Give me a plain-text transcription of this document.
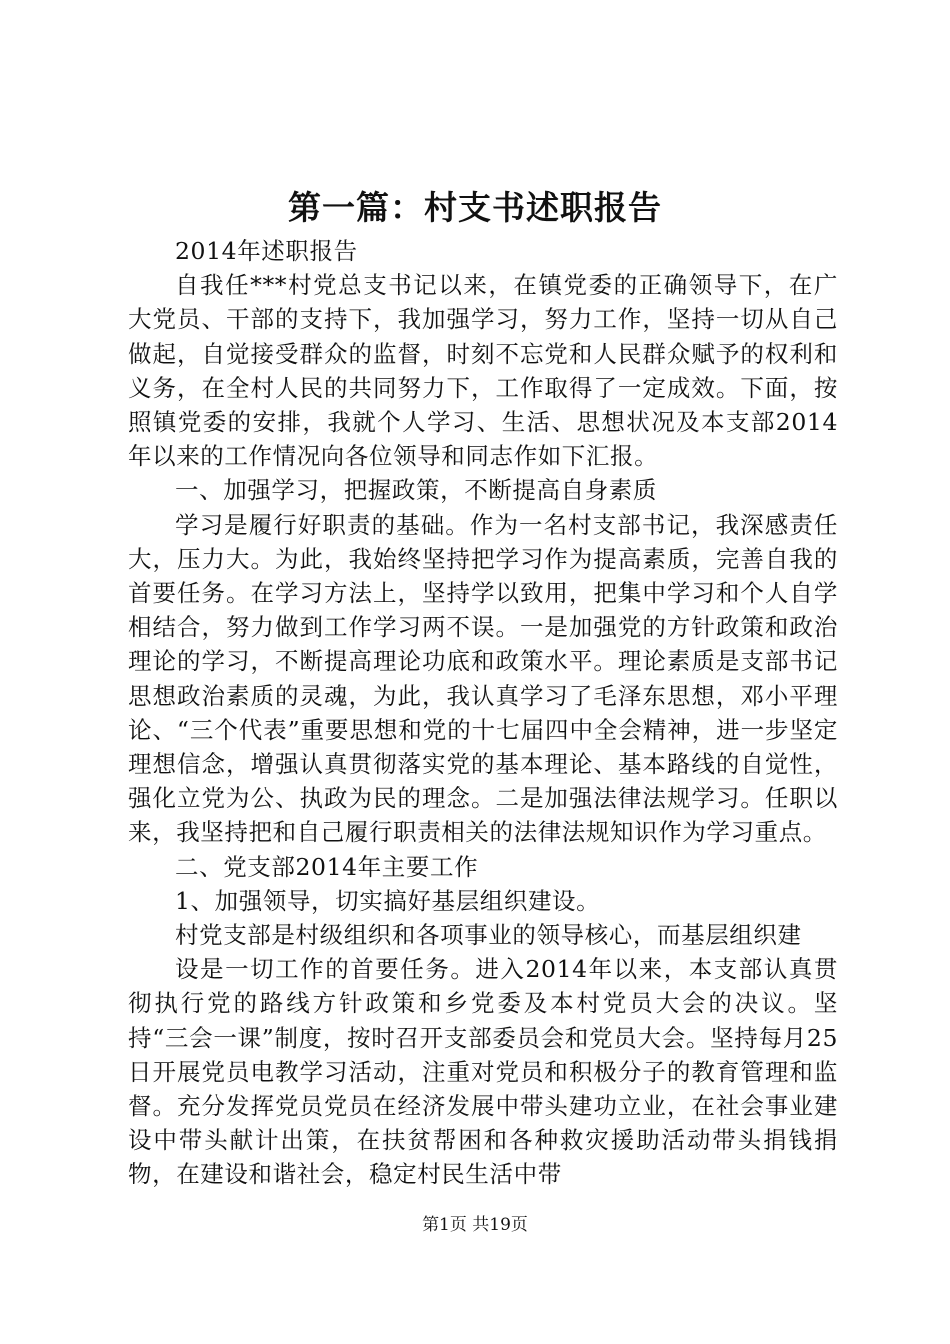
第一篇：村支书述职报告

2014年述职报告

自我任***村党总支书记以来，在镇党委的正确领导下，在广大党员、干部的支持下，我加强学习，努力工作，坚持一切从自己做起，自觉接受群众的监督，时刻不忘党和人民群众赋予的权利和义务，在全村人民的共同努力下，工作取得了一定成效。下面，按照镇党委的安排，我就个人学习、生活、思想状况及本支部2014年以来的工作情况向各位领导和同志作如下汇报。

一、加强学习，把握政策，不断提高自身素质

学习是履行好职责的基础。作为一名村支部书记，我深感责任大，压力大。为此，我始终坚持把学习作为提高素质，完善自我的首要任务。在学习方法上，坚持学以致用，把集中学习和个人自学相结合，努力做到工作学习两不误。一是加强党的方针政策和政治理论的学习，不断提高理论功底和政策水平。理论素质是支部书记思想政治素质的灵魂，为此，我认真学习了毛泽东思想，邓小平理论、“三个代表”重要思想和党的十七届四中全会精神，进一步坚定理想信念，增强认真贯彻落实党的基本理论、基本路线的自觉性，强化立党为公、执政为民的理念。二是加强法律法规学习。任职以来，我坚持把和自己履行职责相关的法律法规知识作为学习重点。

二、党支部2014年主要工作

1、加强领导，切实搞好基层组织建设。

村党支部是村级组织和各项事业的领导核心，而基层组织建

设是一切工作的首要任务。进入2014年以来，本支部认真贯彻执行党的路线方针政策和乡党委及本村党员大会的决议。坚持“三会一课”制度，按时召开支部委员会和党员大会。坚持每月25日开展党员电教学习活动，注重对党员和积极分子的教育管理和监督。充分发挥党员党员在经济发展中带头建功立业，在社会事业建设中带头献计出策，在扶贫帮困和各种救灾援助活动带头捐钱捐物，在建设和谐社会，稳定村民生活中带

第1页 共19页
